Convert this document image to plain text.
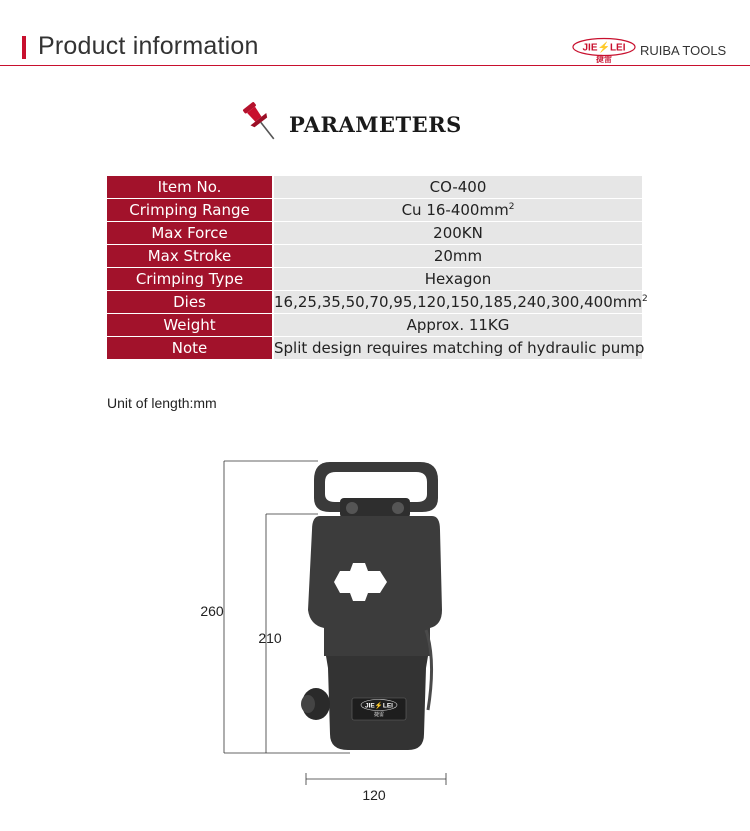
Product information	JIE⚡LEI
捷雷
RUIBA TOOLS
PARAMETERS
Item No.	CO-400
Crimping Range	Cu $16-400mm^2$
Max Force	200KN
Max Stroke	20mm
Crimping Type	Hexagon
Dies	$16,25,35,50,70,95,120,150,185,240,300,400mm^2$
Weight	Approx. 11KG
Note	Split design requires matching of hydraulic pump
Unit of length:mm
260
210
120
JIE⚡LEI
捷雷
